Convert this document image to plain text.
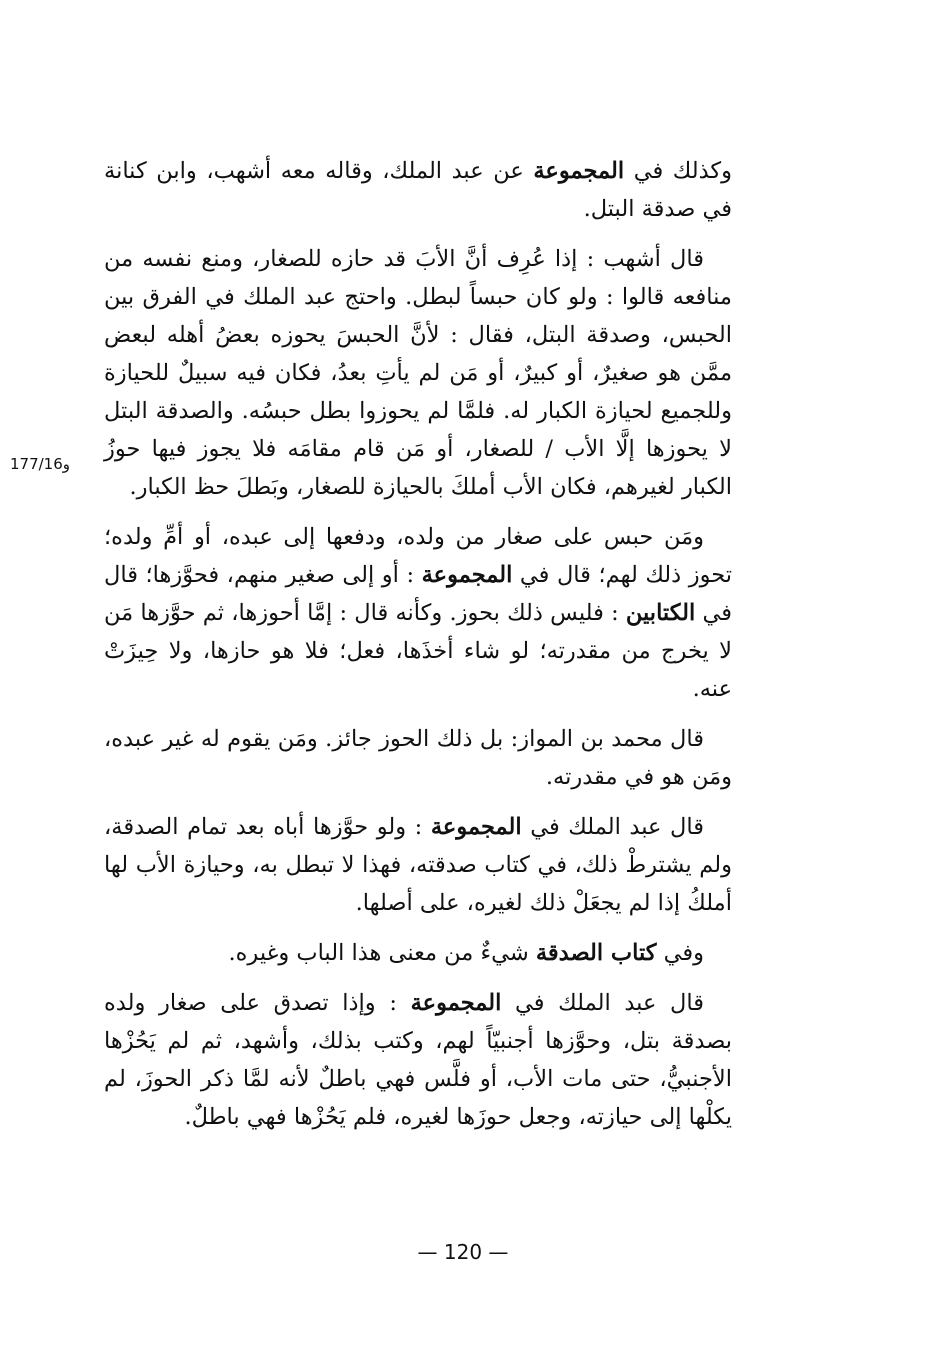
177/16و

وكذلك في المجموعة عن عبد الملك، وقاله معه أشهب، وابن كنانة في صدقة البتل.

قال أشهب : إذا عُرِف أنَّ الأبَ قد حازه للصغار، ومنع نفسه من منافعه قالوا : ولو كان حبساً لبطل. واحتج عبد الملك في الفرق بين الحبس، وصدقة البتل، فقال : لأنَّ الحبسَ يحوزه بعضُ أهله لبعض ممَّن هو صغيرٌ، أو كبيرٌ، أو مَن لم يأتِ بعدُ، فكان فيه سبيلٌ للحيازة وللجميع لحيازة الكبار له. فلمَّا لم يحوزوا بطل حبسُه. والصدقة البتل لا يحوزها إلَّا الأب / للصغار، أو مَن قام مقامَه فلا يجوز فيها حوزُ الكبار لغيرهم، فكان الأب أملكَ بالحيازة للصغار، وبَطلَ حظ الكبار.

ومَن حبس على صغار من ولده، ودفعها إلى عبده، أو أمِّ ولده؛ تحوز ذلك لهم؛ قال في المجموعة : أو إلى صغير منهم، فحوَّزها؛ قال في الكتابين : فليس ذلك بحوز. وكأنه قال : إمَّا أحوزها، ثم حوَّزها مَن لا يخرج من مقدرته؛ لو شاء أخذَها، فعل؛ فلا هو حازها، ولا حِيزَتْ عنه.

قال محمد بن المواز: بل ذلك الحوز جائز. ومَن يقوم له غير عبده، ومَن هو في مقدرته.

قال عبد الملك في المجموعة : ولو حوَّزها أباه بعد تمام الصدقة، ولم يشترطْ ذلك، في كتاب صدقته، فهذا لا تبطل به، وحيازة الأب لها أملكُ إذا لم يجعَلْ ذلك لغيره، على أصلها.

وفي كتاب الصدقة شيءٌ من معنى هذا الباب وغيره.

قال عبد الملك في المجموعة : وإذا تصدق على صغار ولده بصدقة بتل، وحوَّزها أجنبيّاً لهم، وكتب بذلك، وأشهد، ثم لم يَحُزْها الأجنبيُّ، حتى مات الأب، أو فلَّس فهي باطلٌ لأنه لمَّا ذكر الحوزَ، لم يكلْها إلى حيازته، وجعل حوزَها لغيره، فلم يَحُزْها فهي باطلٌ.

— 120 —
